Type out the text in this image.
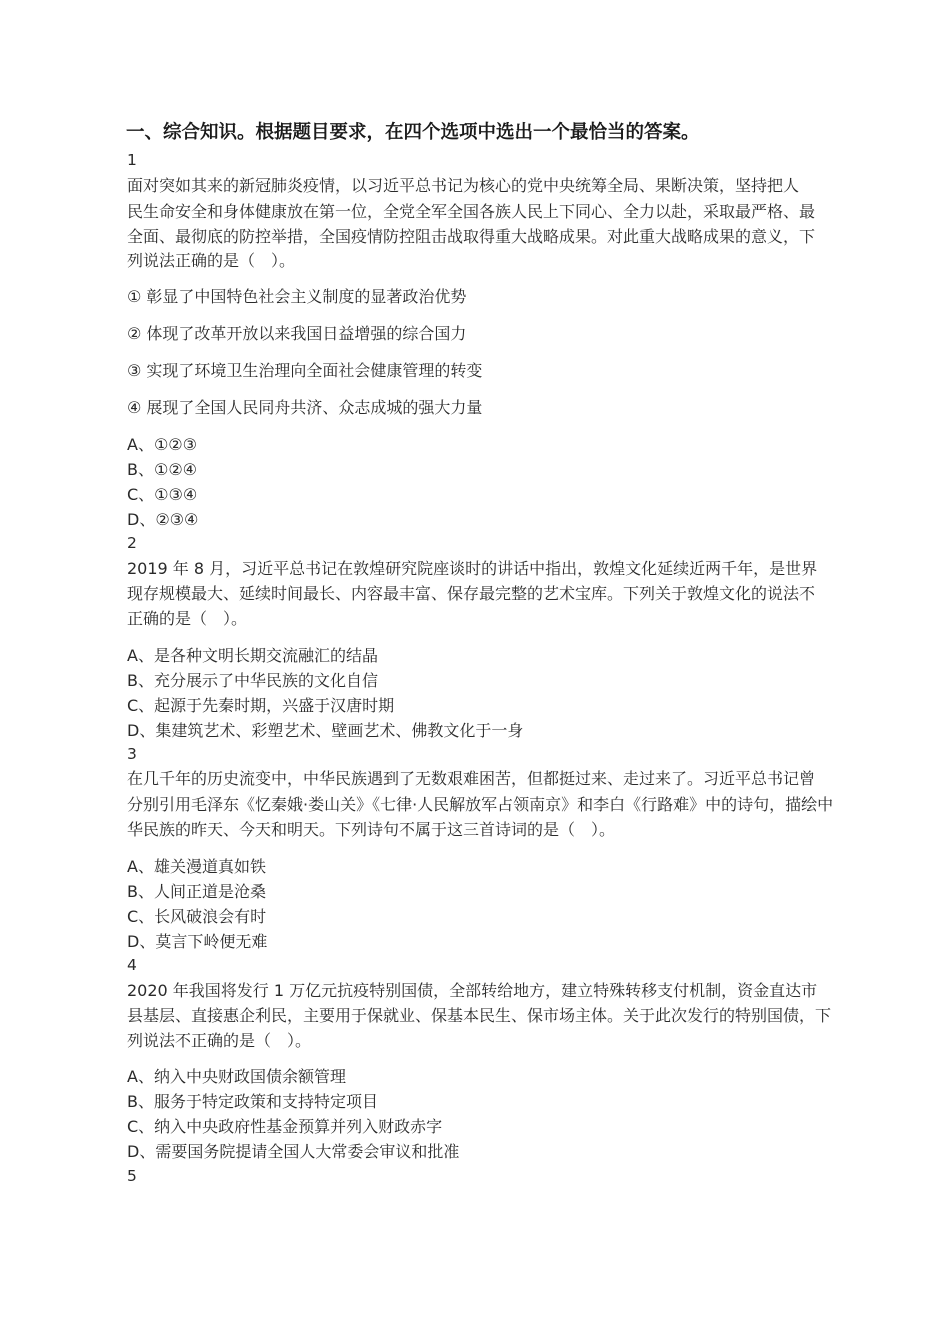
一、综合知识。根据题目要求，在四个选项中选出一个最恰当的答案。
1
面对突如其来的新冠肺炎疫情，以习近平总书记为核心的党中央统筹全局、果断决策，坚持把人
民生命安全和身体健康放在第一位，全党全军全国各族人民上下同心、全力以赴，采取最严格、最
全面、最彻底的防控举措，全国疫情防控阻击战取得重大战略成果。对此重大战略成果的意义，下
列说法正确的是（　）。
① 彰显了中国特色社会主义制度的显著政治优势
② 体现了改革开放以来我国日益增强的综合国力
③ 实现了环境卫生治理向全面社会健康管理的转变
④ 展现了全国人民同舟共济、众志成城的强大力量
A、①②③
B、①②④
C、①③④
D、②③④
2
2019 年 8 月，习近平总书记在敦煌研究院座谈时的讲话中指出，敦煌文化延续近两千年，是世界
现存规模最大、延续时间最长、内容最丰富、保存最完整的艺术宝库。下列关于敦煌文化的说法不
正确的是（　）。
A、是各种文明长期交流融汇的结晶
B、充分展示了中华民族的文化自信
C、起源于先秦时期，兴盛于汉唐时期
D、集建筑艺术、彩塑艺术、壁画艺术、佛教文化于一身
3
在几千年的历史流变中，中华民族遇到了无数艰难困苦，但都挺过来、走过来了。习近平总书记曾
分别引用毛泽东《忆秦娥·娄山关》《七律·人民解放军占领南京》和李白《行路难》中的诗句，描绘中
华民族的昨天、今天和明天。下列诗句不属于这三首诗词的是（　）。
A、雄关漫道真如铁
B、人间正道是沧桑
C、长风破浪会有时
D、莫言下岭便无难
4
2020 年我国将发行 1 万亿元抗疫特别国债，全部转给地方，建立特殊转移支付机制，资金直达市
县基层、直接惠企利民，主要用于保就业、保基本民生、保市场主体。关于此次发行的特别国债，下
列说法不正确的是（　）。
A、纳入中央财政国债余额管理
B、服务于特定政策和支持特定项目
C、纳入中央政府性基金预算并列入财政赤字
D、需要国务院提请全国人大常委会审议和批准
5
